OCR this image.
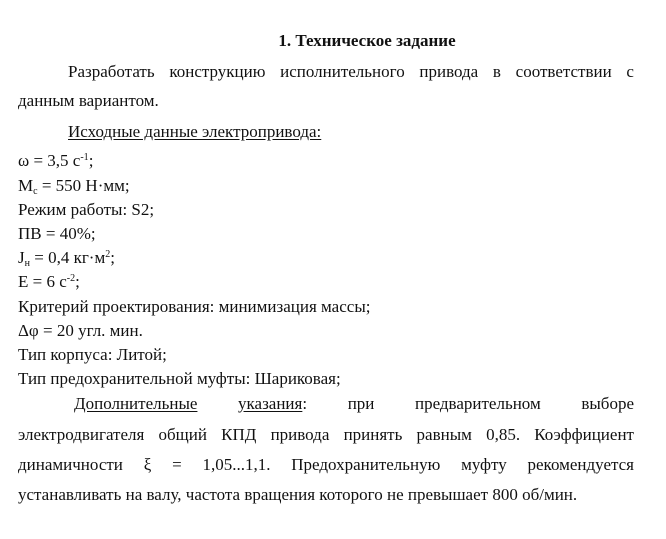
1. Техническое задание
Разработать конструкцию исполнительного привода в соответствии с
данным вариантом.
Исходные данные электропривода:
ω = 3,5 $с^{-1}$;
$М_с = 550$ Н·мм;
Режим работы: S2;
ПВ = 40%;
$J_н = 0,4$ $кг\cdot м^2$;
Е = 6 $с^{-2}$;
Критерий проектирования: минимизация массы;
Δφ = 20 угл. мин.
Тип корпуса: Литой;
Тип предохранительной муфты: Шариковая;
Дополнительные указания: при предварительном выборе
электродвигателя общий КПД привода принять равным 0,85. Коэффициент
динамичности ξ = 1,05...1,1. Предохранительную муфту рекомендуется
устанавливать на валу, частота вращения которого не превышает 800 об/мин.
